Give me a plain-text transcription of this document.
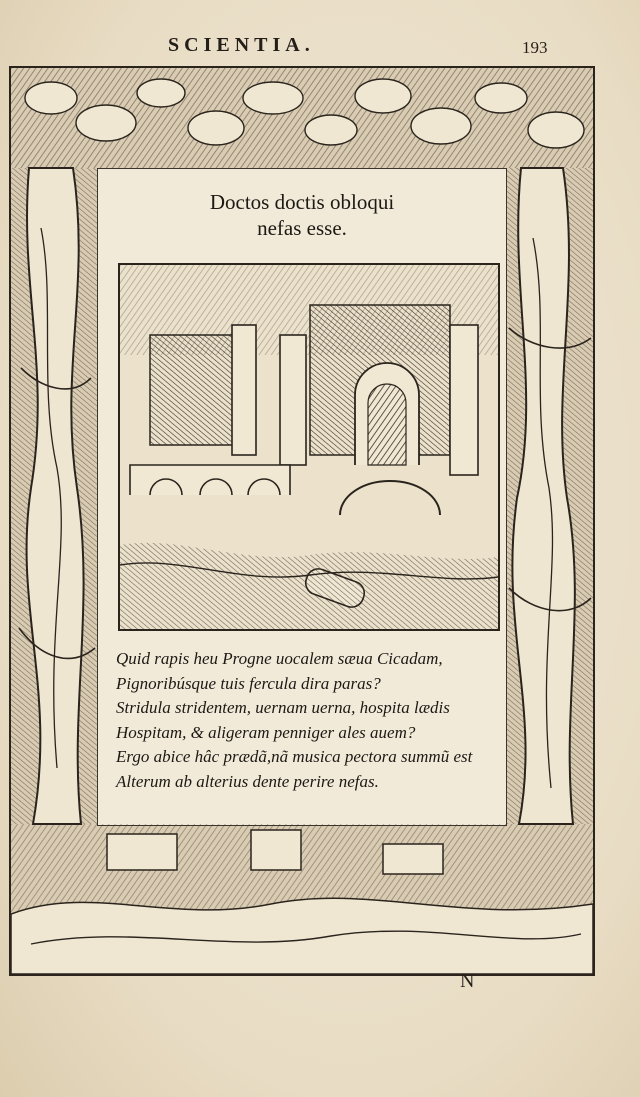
SCIENTIA.	193
Doctos doctis obloqui
nefas esse.
Quid rapis heu Progne uocalem sæua Cicadam,
Pignoribúsque tuis fercula dira paras?
Stridula stridentem, uernam uerna, hospita lædis
Hospitam, & aligeram penniger ales auem?
Ergo abice hâc prædã,nã musica pectora summũ est
Alterum ab alterius dente perire nefas.
N
